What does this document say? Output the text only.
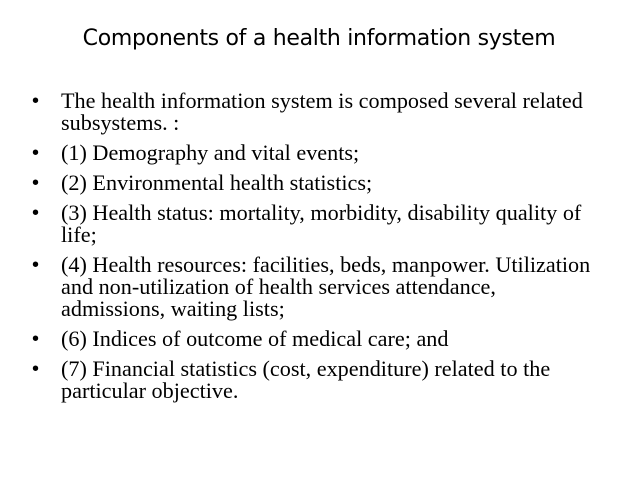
Components of a health information system
• The health information system is composed several related subsystems. :
• (1) Demography and vital events;
• (2) Environmental health statistics;
• (3) Health status: mortality, morbidity, disability quality of life;
• (4) Health resources: facilities, beds, manpower. Utilization and non-utilization of health services attendance, admissions, waiting lists;
• (6) Indices of outcome of medical care; and
• (7) Financial statistics (cost, expenditure) related to the particular objective.
